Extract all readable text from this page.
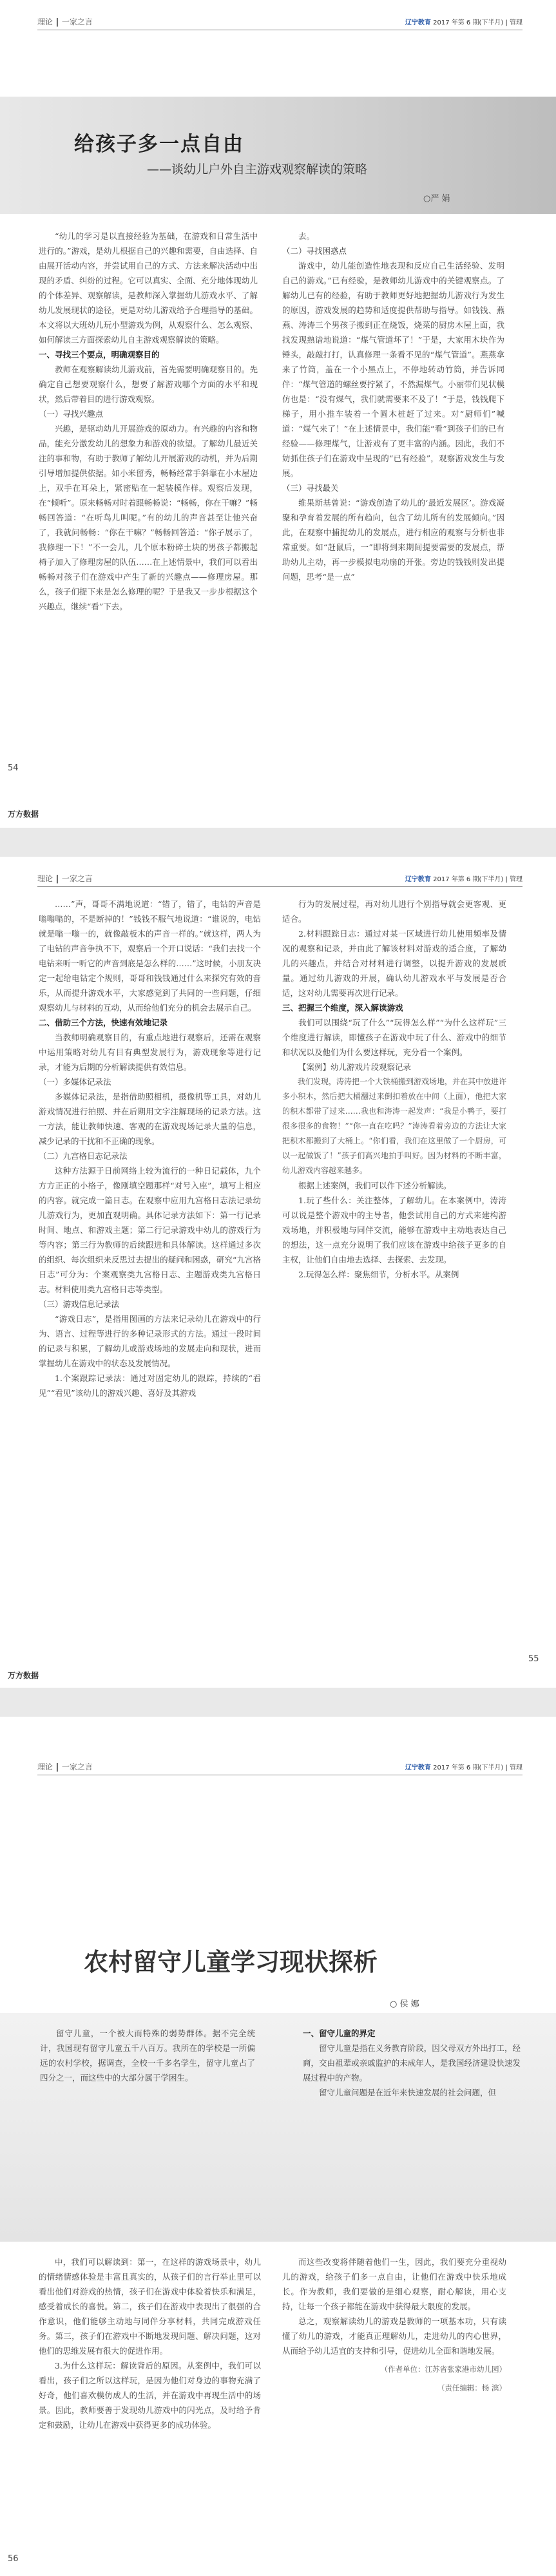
理论 | 一家之言	辽宁教育 2017 年第 6 期(下半月) | 管理
给孩子多一点自由
——谈幼儿户外自主游戏观察解读的策略
○严 娟

“幼儿的学习是以直接经验为基础，在游戏和日常生活中进行的。”游戏，是幼儿根据自己的兴趣和需要，自由选择、自由展开活动内容，并尝试用自己的方式、方法来解决活动中出现的矛盾、纠纷的过程。它可以真实、全面、充分地体现幼儿的个体差异、观察解读，是教师深入掌握幼儿游戏水平、了解幼儿发展现状的途径，更是对幼儿游戏给予合理指导的基础。本文将以大班幼儿玩小型游戏为例，从观察什么、怎么观察、如何解读三方面探索幼儿自主游戏观察解读的策略。

一、寻找三个要点，明确观察目的

教师在观察解读幼儿游戏前，首先需要明确观察目的。先确定自己想要观察什么，想要了解游戏哪个方面的水平和现状，然后带着目的进行游戏观察。

（一）寻找兴趣点

兴趣，是驱动幼儿开展游戏的原动力。有兴趣的内容和物品，能充分激发幼儿的想象力和游戏的欲望。了解幼儿最近关注的事和物，有助于教师了解幼儿开展游戏的动机，并为后期引导增加提供依据。如小米留秀，畅畅经常手斜靠在小木屋边上，双手在耳朵上，紧密贴在一起装模作样。观察后发现，在“倾听”。原来畅畅对时着跟畅畅说：“畅畅，你在干嘛？”畅畅回答道：“在听鸟儿叫呢。”有的幼儿的声音甚至让他兴奋了，我就问畅畅：“你在干嘛？”畅畅回答道：“你子展示了，我修理一下！”不一会儿，几个原本粉碎土块的男孩子都搬起椅子加入了修理房屋的队伍……在上述情景中，我们可以看出畅畅对孩子们在游戏中产生了新的兴趣点——修理房屋。那么，孩子们提下来是怎么修理的呢？于是我又一步步根据这个兴趣点，继续“看”下去。

去。

（二）寻找困惑点

游戏中，幼儿能创造性地表现和反应自己生活经验、发明自己的游戏。”已有经验，是教师幼儿游戏中的关键观察点。了解幼儿已有的经验，有助于教师更好地把握幼儿游戏行为发生的原因，游戏发展的趋势和适度提供帮助与指导。如钱钱、燕燕、涛涛三个男孩子搬到正在烧饭，烧菜的厨房木屋上面，我找发现熟谙地说道：“煤气管道坏了！”于是，大家用木块作为锤头，敲敲打打，认真修理一条看不见的“煤气管道”。燕燕拿来了竹筒，盖在一个小黑点上，不停地转动竹筒，并告诉同伴：“煤气管道的螺丝要拧紧了，不然漏煤气。小丽带们见状模仿也是：“没有煤气，我们就需要来不及了！”于是，钱钱爬下梯子，用小推车装着一个圆木桩赶了过来。对“厨师们”喊道：“煤气来了！”在上述情景中，我们能“看”到孩子们的已有经验——修理煤气，让游戏有了更丰富的内涵。因此，我们不妨抓住孩子们在游戏中呈现的“已有经验”，观察游戏发生与发展。

（三）寻找最关

维果斯基曾说：“游戏创造了幼儿的‘最近发展区’。游戏凝聚和孕育着发展的所有趋向，包含了幼儿所有的发展倾向。”因此，在观察中捕捉幼儿的发展点，进行相应的观察与分析也非常重要。如“赶鼠后，一”即将到来期间提要需要的发展点，帮助幼儿主动，再一步模拟电动扇的开张。旁边的钱钱则发出提问题，思考“是一点”

54
万方数据
理论 | 一家之言	辽宁教育 2017 年第 6 期(下半月) | 管理

……”声，哥哥不满地说道：“错了，错了，电钻的声音是嗡嗡嗡的，不是断掉的！”钱钱不服气地说道：“谁说的，电钻就是嗡一嗡一的，就像敲板木的声音一样的。”就这样，两人为了电钻的声音争执不下，观察后一个开口说话：“我们去找一个电钻来听一听它的声音到底是怎么样的……”这时候，小朋友决定一起给电钻定个规则，哥哥和钱钱通过什么来探究有效的音乐，从而提升游戏水平，大家感觉到了共同的一些问题，仔细观察幼儿与材料的互动，从而给他们充分的机会去展示自己。

二、借助三个方法，快速有效地记录

当教师明确观察目的，有重点地进行观察后，还需在观察中运用策略对幼儿有目有典型发展行为，游戏现象等进行记录，才能为后期的分析解读提供有效信息。

（一）多媒体记录法

多媒体记录法，是指借助照相机，摄像机等工具，对幼儿游戏情况进行拍照、并在后期用文字注解现场的记录方法。这一方法，能让教师快速、客观的在游戏现场记录大量的信息，减少记录的干扰和不正确的现象。

（二）九宫格日志记录法

这种方法源于日前网络上较为流行的一种日记载体，九个方方正正的小格子，像刚填空题那样“对号入座”，填写上相应的内容。就完成一篇日志。在观察中应用九宫格日志法记录幼儿游戏行为，更加直观明确。具体记录方法如下：第一行记录时间、地点、和游戏主题；第二行记录游戏中幼儿的游戏行为等内容；第三行为教师的后续跟进和具体解读。这样通过多次的组织、每次组织来反思过去提出的疑问和困惑，研究“九宫格日志”可分为：个案观察类九宫格日志、主题游戏类九宫格日志。材料使用类九宫格日志等类型。

（三）游戏信息记录法

“游戏日志”，是指用图画的方法来记录幼儿在游戏中的行为、语言、过程等进行的多种记录形式的方法。通过一段时间的记录与积累，了解幼儿或游戏场地的发展走向和现状，进而掌握幼儿在游戏中的状态及发展情况。

1.个案跟踪记录法：通过对固定幼儿的跟踪，持续的“看见”“看见”该幼儿的游戏兴趣、喜好及其游戏

行为的发展过程，再对幼儿进行个别指导就会更客观、更适合。

2.材料跟踪日志：通过对某一区域进行幼儿使用频率及情况的观察和记录，并由此了解该材料对游戏的适合度，了解幼儿的兴趣点，并结合对材料进行调整，以提升游戏的发展质量。通过幼儿游戏的开展，确认幼儿游戏水平与发展是否合适，这对幼儿需要再次进行记录。

三、把握三个维度，深入解读游戏

我们可以围绕“玩了什么”“玩得怎么样”“为什么这样玩”三个维度进行解读，即懂孩子在游戏中玩了什么、游戏中的细节和状况以及他们为什么要这样玩，充分看一个案例。

【案例】幼儿游戏片段观察记录

我们发现，涛涛把一个大铁桶搬到游戏场地，并在其中放进许多小积木，然后把大桶翻过来倒扣着放在中间（上面），他把大家的积木都带了过来……我也和涛涛一起发声：“我是小鸭子，要打很多很多的食物！”“你一直在吃吗？”涛涛看着旁边的方法让大家把积木都搬到了大桶上。“你们看，我们在这里做了一个厨房，可以一起做饭了！”孩子们高兴地拍手叫好。因为材料的不断丰富，幼儿游戏内容越来越多。

根据上述案例，我们可以作下述分析解读。

1.玩了些什么：关注整体，了解幼儿。在本案例中，涛涛可以说是整个游戏中的主导者，他尝试用自己的方式来建构游戏场地，并积极地与同伴交流，能够在游戏中主动地表达自己的想法，这一点充分说明了我们应该在游戏中给孩子更多的自主权，让他们自由地去选择、去探索、去发现。

2.玩得怎么样：聚焦细节，分析水平。从案例

55
万方数据
理论 | 一家之言	辽宁教育 2017 年第 6 期(下半月) | 管理
农村留守儿童学习现状探析
○ 侯 娜

留守儿童，一个被大而特殊的弱势群体。据不完全统计，我国现有留守儿童五千八百万。我所在的学校是一所偏远的农村学校，据调查，全校一千多名学生，留守儿童占了四分之一，而这些中的大部分属于学困生。

一、留守儿童的界定

留守儿童是指在义务教育阶段，因父母双方外出打工，经商，交由祖辈或亲戚监护的未成年人，是我国经济建设快速发展过程中的产物。

留守儿童问题是在近年来快速发展的社会问题，但

中，我们可以解读到：第一，在这样的游戏场景中，幼儿的情绪情感体验是丰富且真实的，从孩子们的言行举止里可以看出他们对游戏的热情，孩子们在游戏中体验着快乐和满足，感受着成长的喜悦。第二，孩子们在游戏中表现出了很强的合作意识，他们能够主动地与同伴分享材料，共同完成游戏任务。第三，孩子们在游戏中不断地发现问题、解决问题，这对他们的思维发展有很大的促进作用。

3.为什么这样玩：解读背后的原因。从案例中，我们可以看出，孩子们之所以这样玩，是因为他们对身边的事物充满了好奇，他们喜欢模仿成人的生活，并在游戏中再现生活中的场景。因此，教师要善于发现幼儿游戏中的闪光点，及时给予肯定和鼓励，让幼儿在游戏中获得更多的成功体验。

而这些改变将伴随着他们一生，因此，我们要充分重视幼儿的游戏，给孩子们多一点自由，让他们在游戏中快乐地成长。作为教师，我们要做的是细心观察，耐心解读，用心支持，让每一个孩子都能在游戏中获得最大限度的发展。

总之，观察解读幼儿的游戏是教师的一项基本功，只有读懂了幼儿的游戏，才能真正理解幼儿，走进幼儿的内心世界，从而给予幼儿适宜的支持和引导，促进幼儿全面和谐地发展。

（作者单位：江苏省张家港市幼儿园）
（责任编辑：杨 滨）
56
